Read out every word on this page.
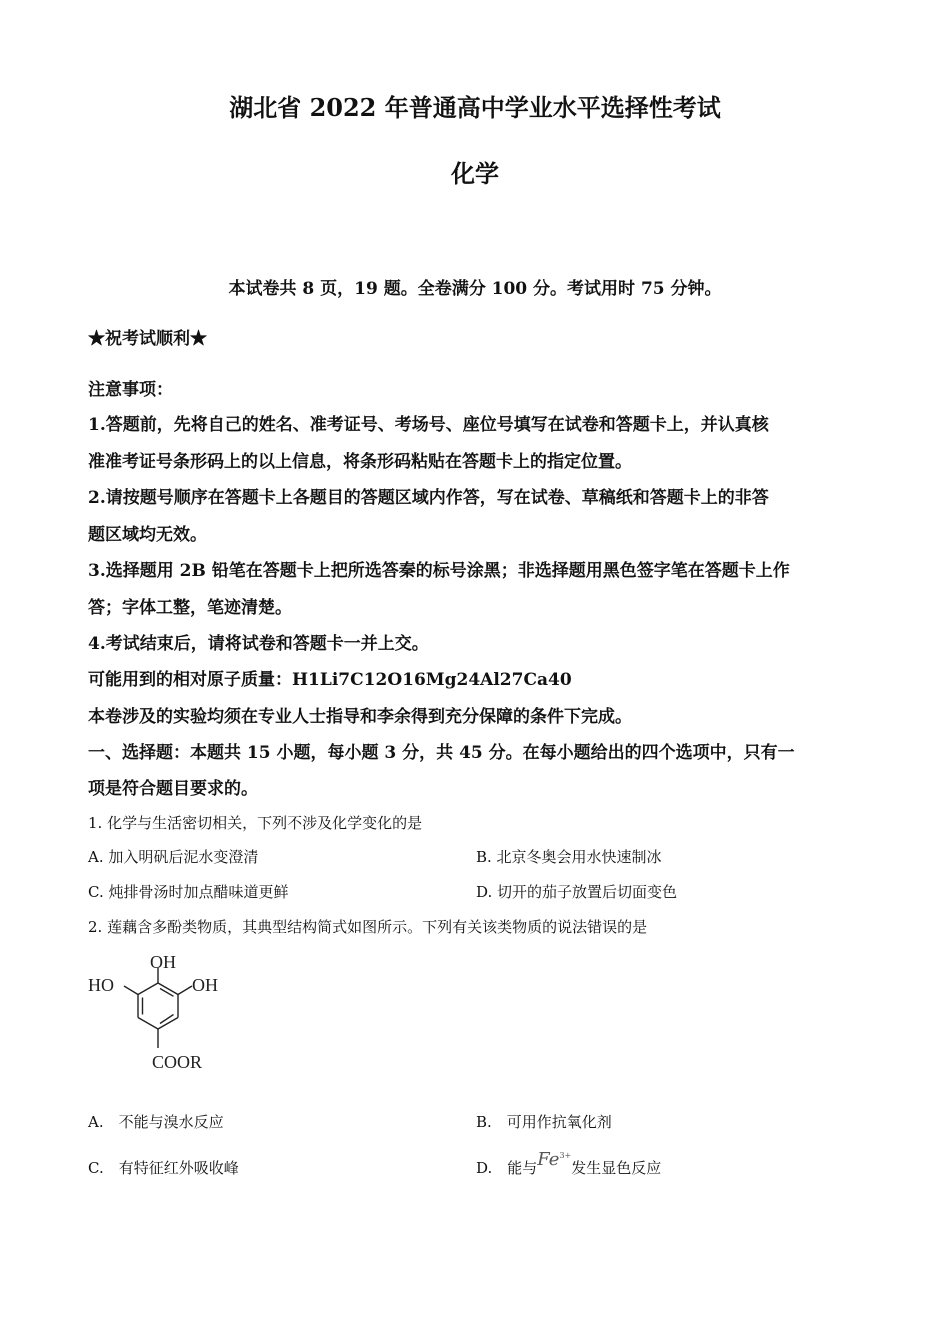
湖北省 2022 年普通高中学业水平选择性考试
化学
本试卷共 8 页，19 题。全卷满分 100 分。考试用时 75 分钟。
★祝考试顺利★
注意事项：
1.答题前，先将自己的姓名、准考证号、考场号、座位号填写在试卷和答题卡上，并认真核
准准考证号条形码上的以上信息，将条形码粘贴在答题卡上的指定位置。
2.请按题号顺序在答题卡上各题目的答题区域内作答，写在试卷、草稿纸和答题卡上的非答
题区域均无效。
3.选择题用 2B 铅笔在答题卡上把所选答秦的标号涂黑；非选择题用黑色签字笔在答题卡上作
答；字体工整，笔迹清楚。
4.考试结束后，请将试卷和答题卡一并上交。
可能用到的相对原子质量：H1Li7C12O16Mg24Al27Ca40
本卷涉及的实验均须在专业人士指导和李余得到充分保障的条件下完成。
一、选择题：本题共 15 小题，每小题 3 分，共 45 分。在每小题给出的四个选项中，只有一
项是符合题目要求的。
1. 化学与生活密切相关，下列不涉及化学变化的是
A. 加入明矾后泥水变澄清	B. 北京冬奥会用水快速制冰
C. 炖排骨汤时加点醋味道更鲜	D. 切开的茄子放置后切面变色
2. 莲藕含多酚类物质，其典型结构简式如图所示。下列有关该类物质的说法错误的是
OH
HO	OH
COOR
A.　不能与溴水反应	B.　可用作抗氧化剂
C.　有特征红外吸收峰	D.　能与$Fe^{3+}$发生显色反应
